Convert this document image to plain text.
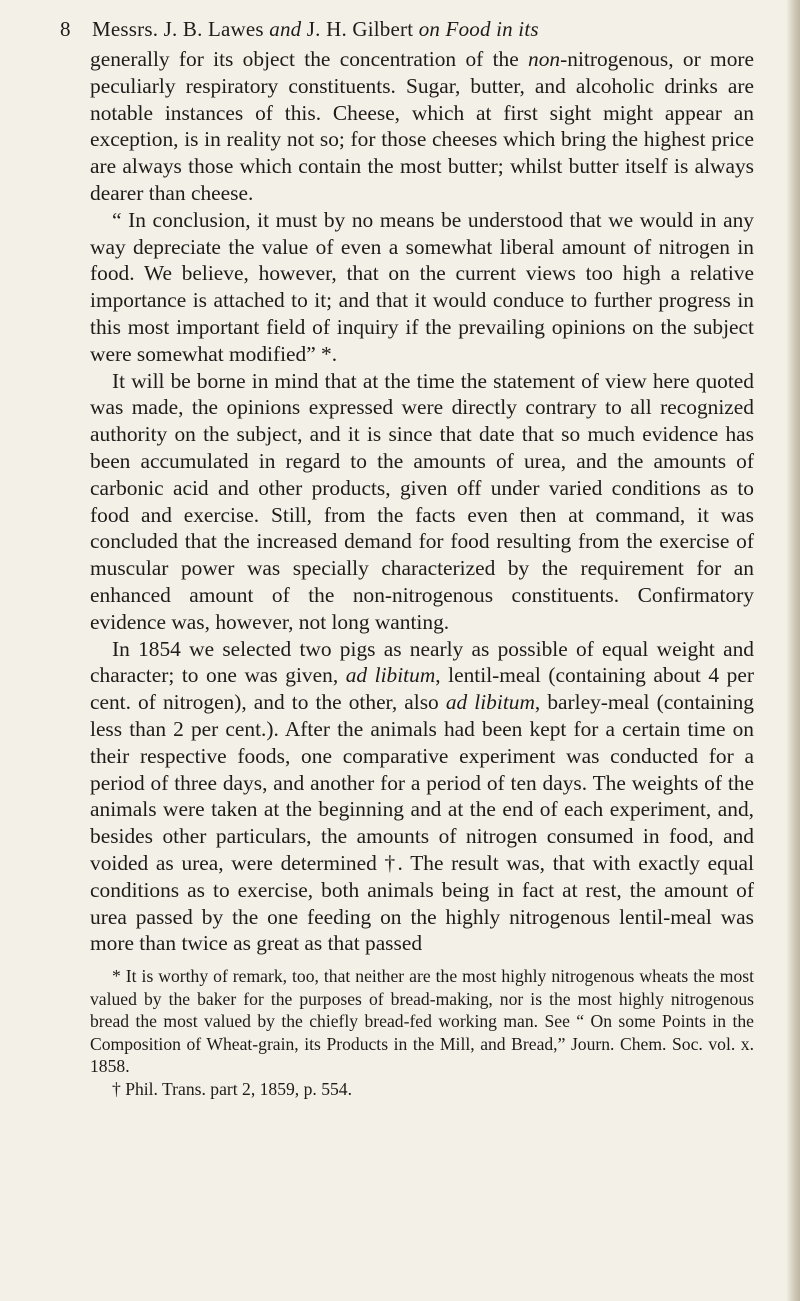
8 Messrs. J. B. Lawes and J. H. Gilbert on Food in its

generally for its object the concentration of the non-nitrogenous, or more peculiarly respiratory constituents. Sugar, butter, and alcoholic drinks are notable instances of this. Cheese, which at first sight might appear an exception, is in reality not so; for those cheeses which bring the highest price are always those which contain the most butter; whilst butter itself is always dearer than cheese.

“ In conclusion, it must by no means be understood that we would in any way depreciate the value of even a somewhat liberal amount of nitrogen in food. We believe, however, that on the current views too high a relative importance is attached to it; and that it would conduce to further progress in this most important field of inquiry if the prevailing opinions on the subject were somewhat modified” *.

It will be borne in mind that at the time the statement of view here quoted was made, the opinions expressed were directly contrary to all recognized authority on the subject, and it is since that date that so much evidence has been accumulated in regard to the amounts of urea, and the amounts of carbonic acid and other products, given off under varied conditions as to food and exercise. Still, from the facts even then at command, it was concluded that the increased demand for food resulting from the exercise of muscular power was specially characterized by the requirement for an enhanced amount of the non-nitrogenous constituents. Confirmatory evidence was, however, not long wanting.

In 1854 we selected two pigs as nearly as possible of equal weight and character; to one was given, ad libitum, lentil-meal (containing about 4 per cent. of nitrogen), and to the other, also ad libitum, barley-meal (containing less than 2 per cent.). After the animals had been kept for a certain time on their respective foods, one comparative experiment was conducted for a period of three days, and another for a period of ten days. The weights of the animals were taken at the beginning and at the end of each experiment, and, besides other particulars, the amounts of nitrogen consumed in food, and voided as urea, were determined †. The result was, that with exactly equal conditions as to exercise, both animals being in fact at rest, the amount of urea passed by the one feeding on the highly nitrogenous lentil-meal was more than twice as great as that passed

* It is worthy of remark, too, that neither are the most highly nitrogenous wheats the most valued by the baker for the purposes of bread-making, nor is the most highly nitrogenous bread the most valued by the chiefly bread-fed working man. See “ On some Points in the Composition of Wheat-grain, its Products in the Mill, and Bread,” Journ. Chem. Soc. vol. x. 1858.

† Phil. Trans. part 2, 1859, p. 554.
